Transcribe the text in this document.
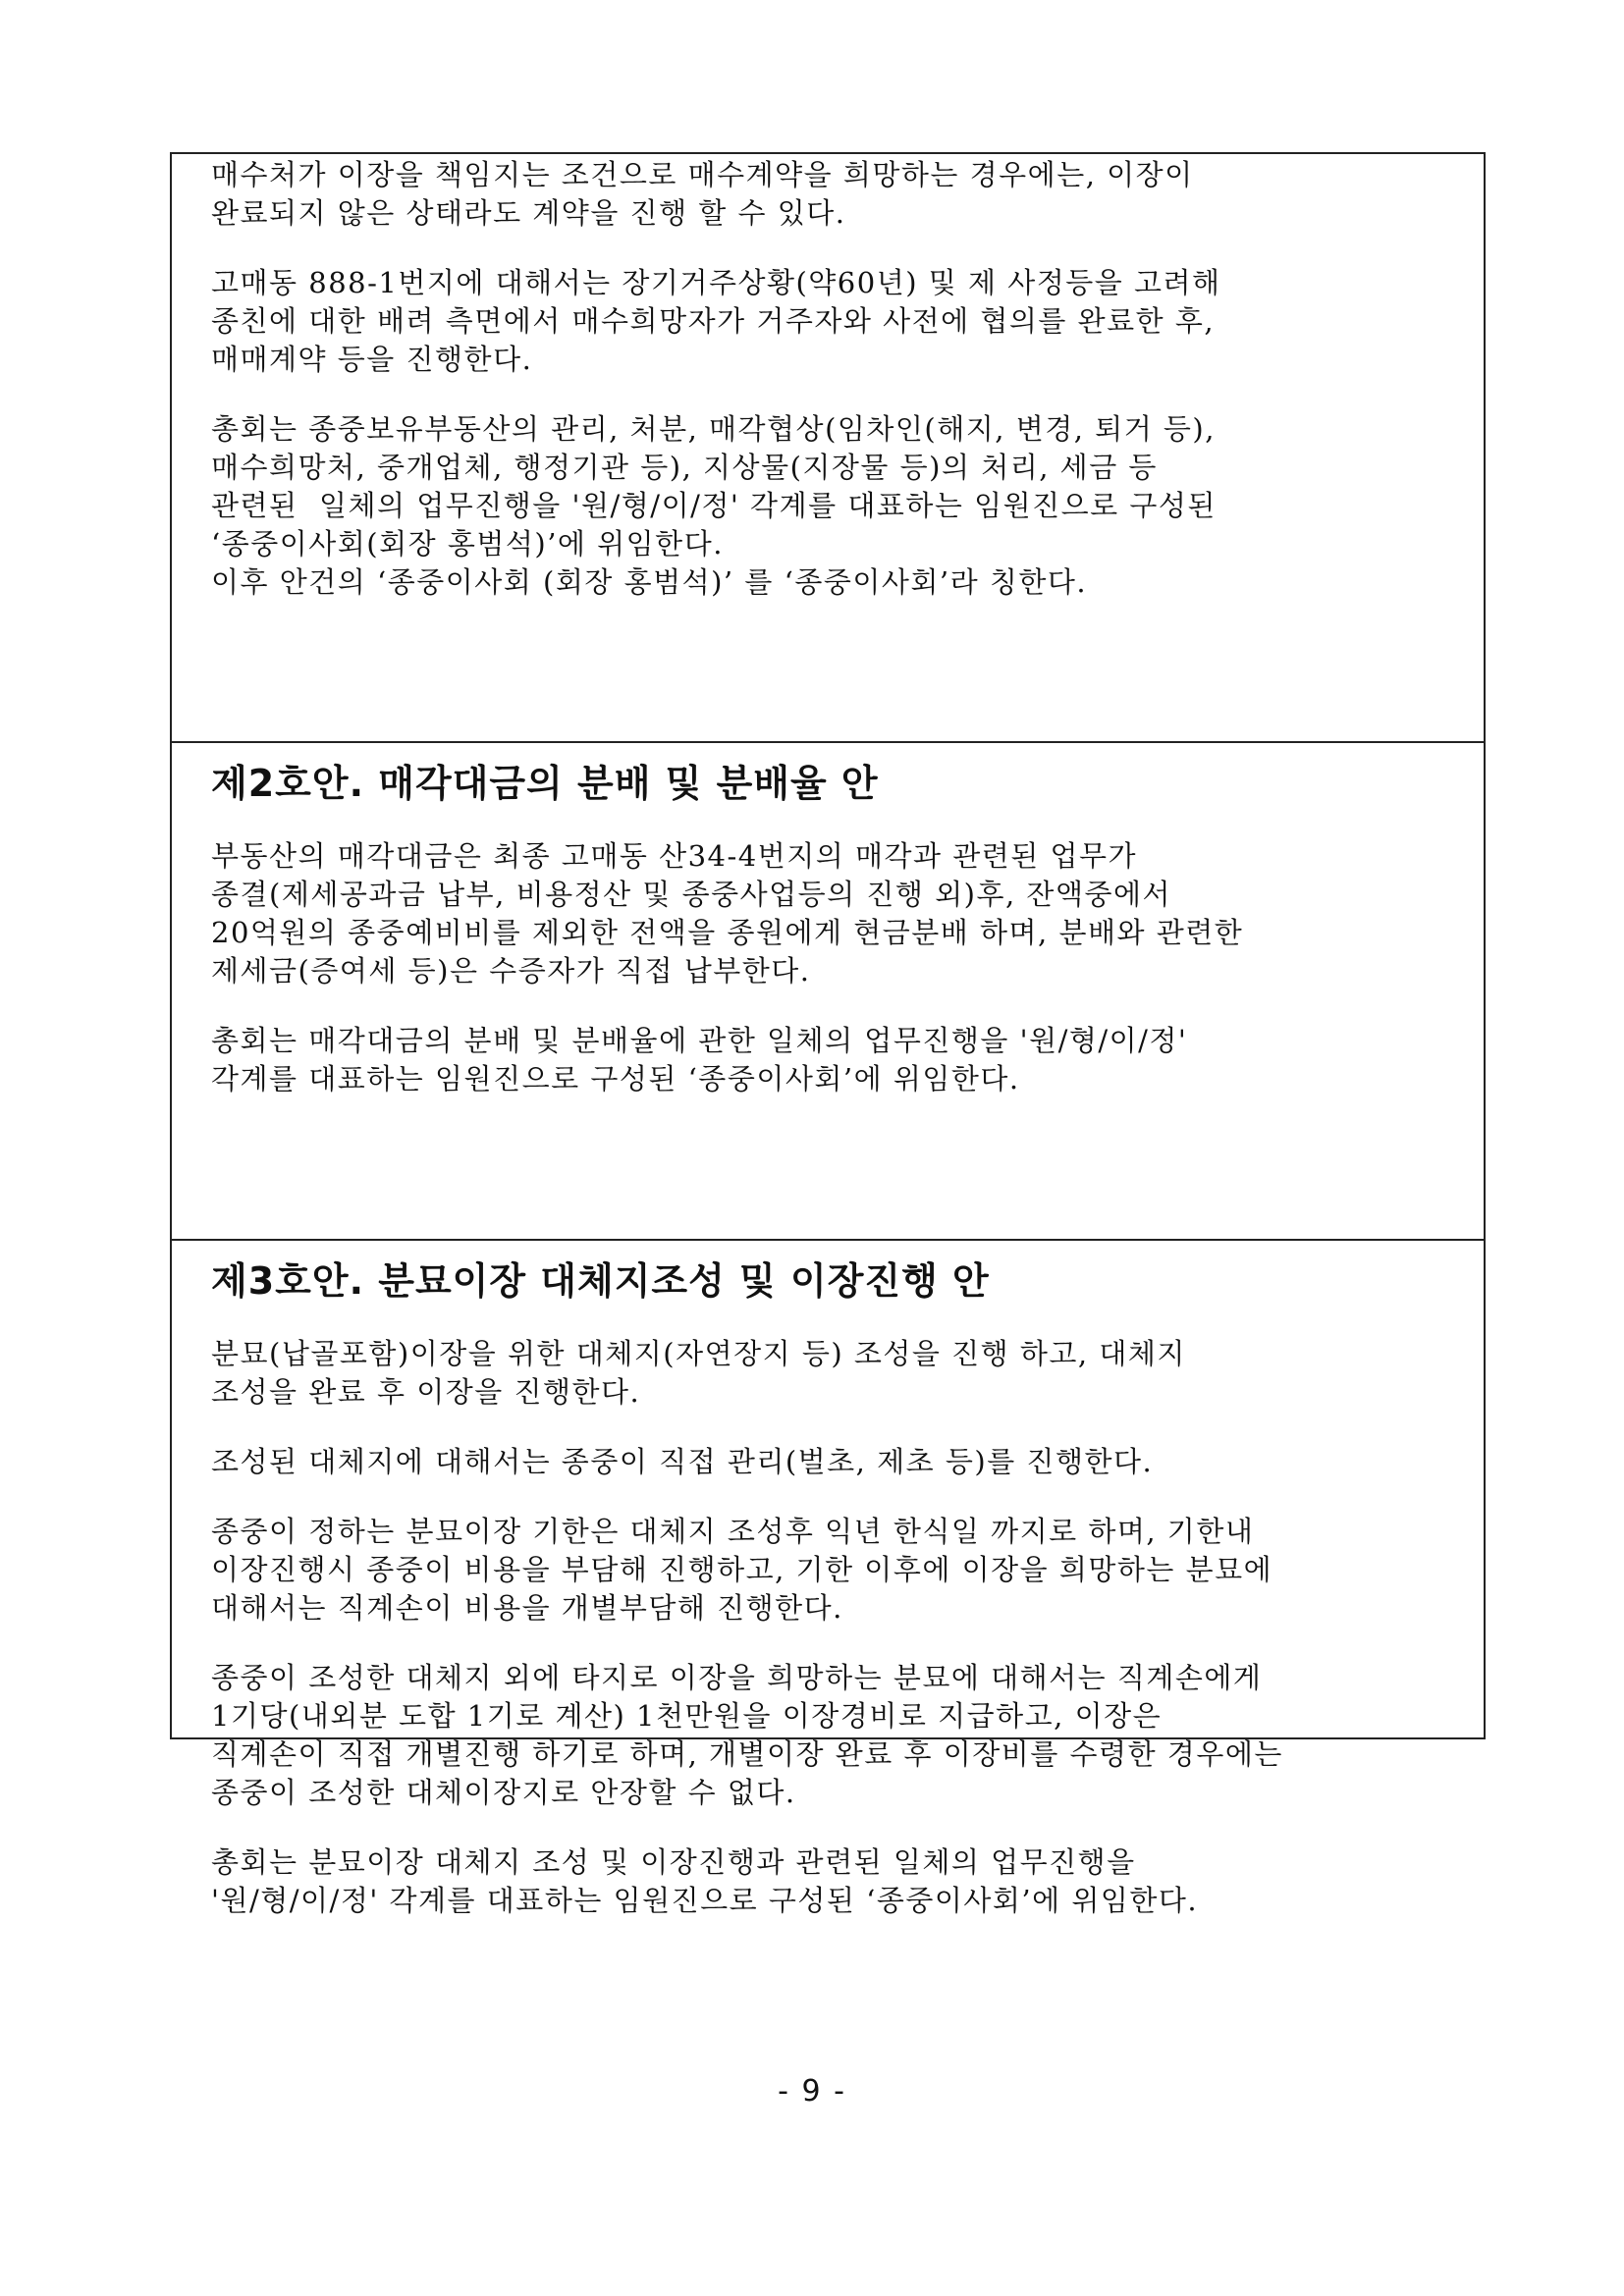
매수처가 이장을 책임지는 조건으로 매수계약을 희망하는 경우에는, 이장이
완료되지 않은 상태라도 계약을 진행 할 수 있다.
고매동 888-1번지에 대해서는 장기거주상황(약60년) 및 제 사정등을 고려해
종친에 대한 배려 측면에서 매수희망자가 거주자와 사전에 협의를 완료한 후,
매매계약 등을 진행한다.
총회는 종중보유부동산의 관리, 처분, 매각협상(임차인(해지, 변경, 퇴거 등),
매수희망처, 중개업체, 행정기관 등), 지상물(지장물 등)의 처리, 세금 등
관련된  일체의 업무진행을 '원/형/이/정' 각계를 대표하는 임원진으로 구성된
‘종중이사회(회장 홍범석)’에 위임한다.
이후 안건의 ‘종중이사회 (회장 홍범석)’ 를 ‘종중이사회’라 칭한다.
제2호안. 매각대금의 분배 및 분배율 안
부동산의 매각대금은 최종 고매동 산34-4번지의 매각과 관련된 업무가
종결(제세공과금 납부, 비용정산 및 종중사업등의 진행 외)후, 잔액중에서
20억원의 종중예비비를 제외한 전액을 종원에게 현금분배 하며, 분배와 관련한
제세금(증여세 등)은 수증자가 직접 납부한다.
총회는 매각대금의 분배 및 분배율에 관한 일체의 업무진행을 '원/형/이/정'
각계를 대표하는 임원진으로 구성된 ‘종중이사회’에 위임한다.
제3호안. 분묘이장 대체지조성 및 이장진행 안
분묘(납골포함)이장을 위한 대체지(자연장지 등) 조성을 진행 하고, 대체지
조성을 완료 후 이장을 진행한다.
조성된 대체지에 대해서는 종중이 직접 관리(벌초, 제초 등)를 진행한다.
종중이 정하는 분묘이장 기한은 대체지 조성후 익년 한식일 까지로 하며, 기한내
이장진행시 종중이 비용을 부담해 진행하고, 기한 이후에 이장을 희망하는 분묘에
대해서는 직계손이 비용을 개별부담해 진행한다.
종중이 조성한 대체지 외에 타지로 이장을 희망하는 분묘에 대해서는 직계손에게
1기당(내외분 도합 1기로 계산) 1천만원을 이장경비로 지급하고, 이장은
직계손이 직접 개별진행 하기로 하며, 개별이장 완료 후 이장비를 수령한 경우에는
종중이 조성한 대체이장지로 안장할 수 없다.
총회는 분묘이장 대체지 조성 및 이장진행과 관련된 일체의 업무진행을
'원/형/이/정' 각계를 대표하는 임원진으로 구성된 ‘종중이사회’에 위임한다.
- 9 -
